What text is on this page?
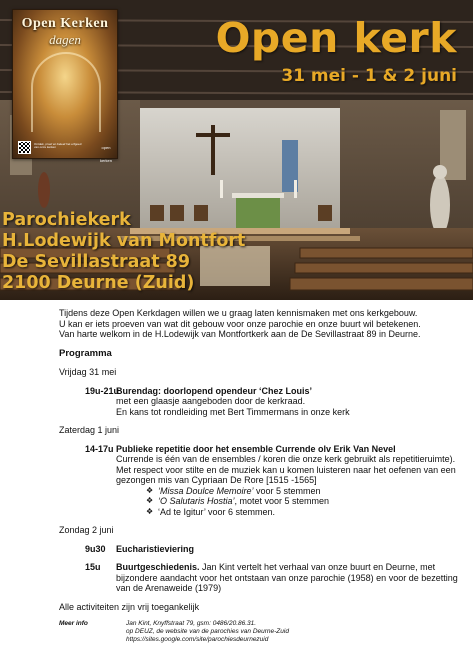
Open Kerken
dagen
Ontdek, proef en beleef het erfgoed van onze kerken	open kerken
Open kerk
31 mei - 1 & 2 juni
Parochiekerk
H.Lodewijk van Montfort
De Sevillastraat 89
2100 Deurne (Zuid)

Tijdens deze Open Kerkdagen willen we u graag laten kennismaken met ons kerkgebouw.

U kan er iets proeven van wat dit gebouw voor onze parochie en onze buurt wil betekenen.

Van harte welkom in de H.Lodewijk van Montfortkerk aan de De Sevillastraat 89 in Deurne.

Programma
Vrijdag 31 mei
19u-21u
Burendag: doorlopend opendeur ‘Chez Louis’
met een glaasje aangeboden door de kerkraad.
En kans tot rondleiding met Bert Timmermans in onze kerk
Zaterdag 1 juni
14-17u Publieke repetitie door het ensemble Currende olv Erik Van Nevel
Currende is één van de ensembles / koren die onze kerk gebruikt als repetitieruimte). Met respect voor stilte en de muziek kan u komen luisteren naar het oefenen van een gezongen mis van Cypriaan De Rore [1515 -1565]
❖ ‘Missa Doulce Memoire’ voor 5 stemmen
❖ ‘O Salutaris Hostia’, motet voor 5 stemmen
❖ ‘Ad te Igitur’ voor 6 stemmen.
Zondag 2 juni
9u30	Eucharistieviering
15u	Buurtgeschiedenis. Jan Kint vertelt het verhaal van onze buurt en Deurne, met bijzondere aandacht voor het ontstaan van onze parochie (1958) en voor de bezetting van de Arenaweide (1979)
Alle activiteiten zijn vrij toegankelijk
Meer info	Jan Kint, Knyffstraat 79, gsm: 0486/20.86.31.
op DEUZ, de website van de parochies van Deurne-Zuid
https://sites.google.com/site/parochiesdeurnezuid
